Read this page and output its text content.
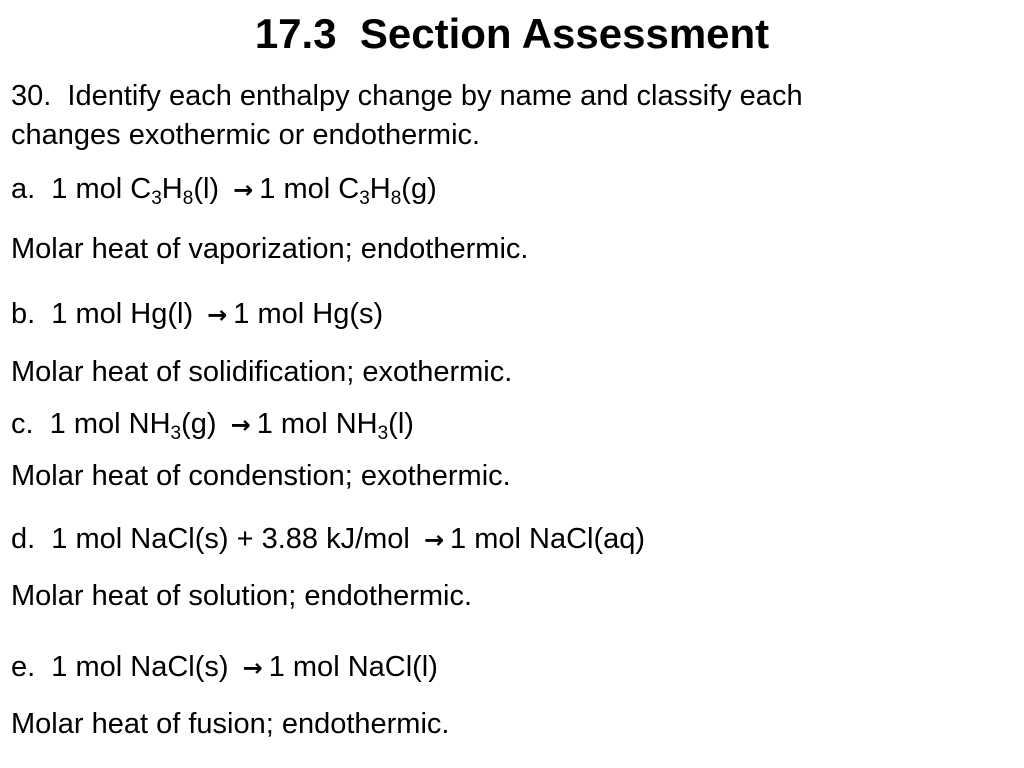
17.3  Section Assessment
30.  Identify each enthalpy change by name and classify each
changes exothermic or endothermic.
a.  1 mol $C_3H_8(l) \to 1$ mol $C_3H_8(g)$
Molar heat of vaporization; endothermic.
b.  1 mol Hg(l) → 1 mol Hg(s)
Molar heat of solidification; exothermic.
c.  1 mol $NH_3(g) \to 1$ mol $NH_3(l)$
Molar heat of condenstion; exothermic.
d.  1 mol NaCl(s) + 3.88 kJ/mol → 1 mol NaCl(aq)
Molar heat of solution; endothermic.
e.  1 mol NaCl(s) → 1 mol NaCl(l)
Molar heat of fusion; endothermic.
